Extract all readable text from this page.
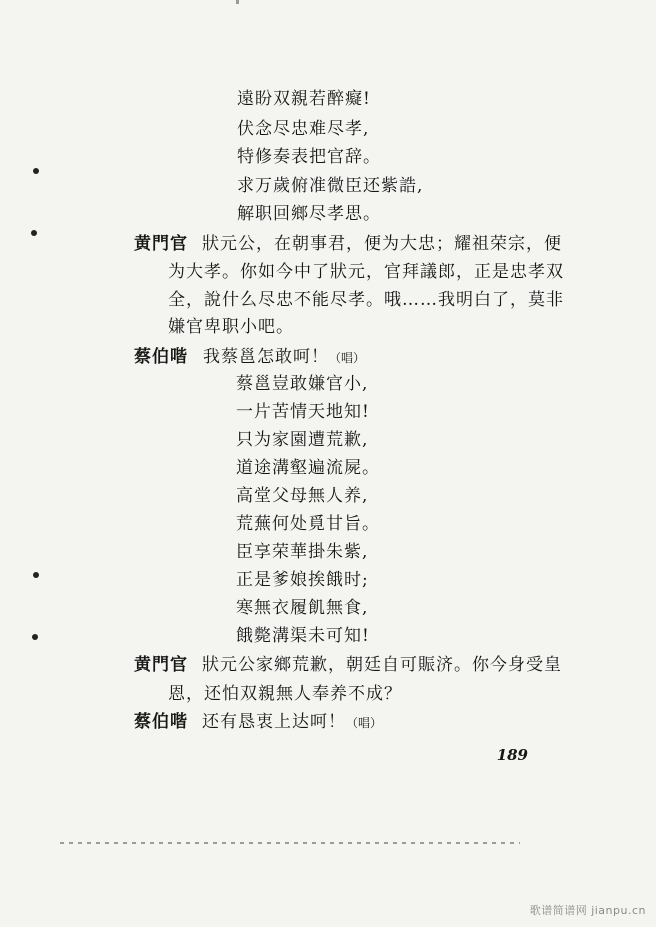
遠盼双親若醉癡!
伏念尽忠难尽孝,
特修奏表把官辞。
求万歲俯准微臣还紫誥,
解职回鄉尽孝思。
黄門官 狀元公，在朝事君，便为大忠；耀祖荣宗，便
为大孝。你如今中了狀元，官拜議郎，正是忠孝双
全，說什么尽忠不能尽孝。哦……我明白了，莫非
嫌官卑职小吧。
蔡伯喈 我蔡邕怎敢呵！（唱）
蔡邕豈敢嫌官小,
一片苦情天地知!
只为家園遭荒歉,
道途溝壑遍流屍。
高堂父母無人养,
荒蕪何处覓甘旨。
臣享荣華掛朱紫,
正是爹娘挨餓时;
寒無衣履飢無食,
餓斃溝渠未可知!
黄門官 狀元公家鄉荒歉，朝廷自可賑济。你今身受皇
恩，还怕双親無人奉养不成？
蔡伯喈 还有恳衷上达呵！（唱）
189
歌谱简谱网 jianpu.cn
